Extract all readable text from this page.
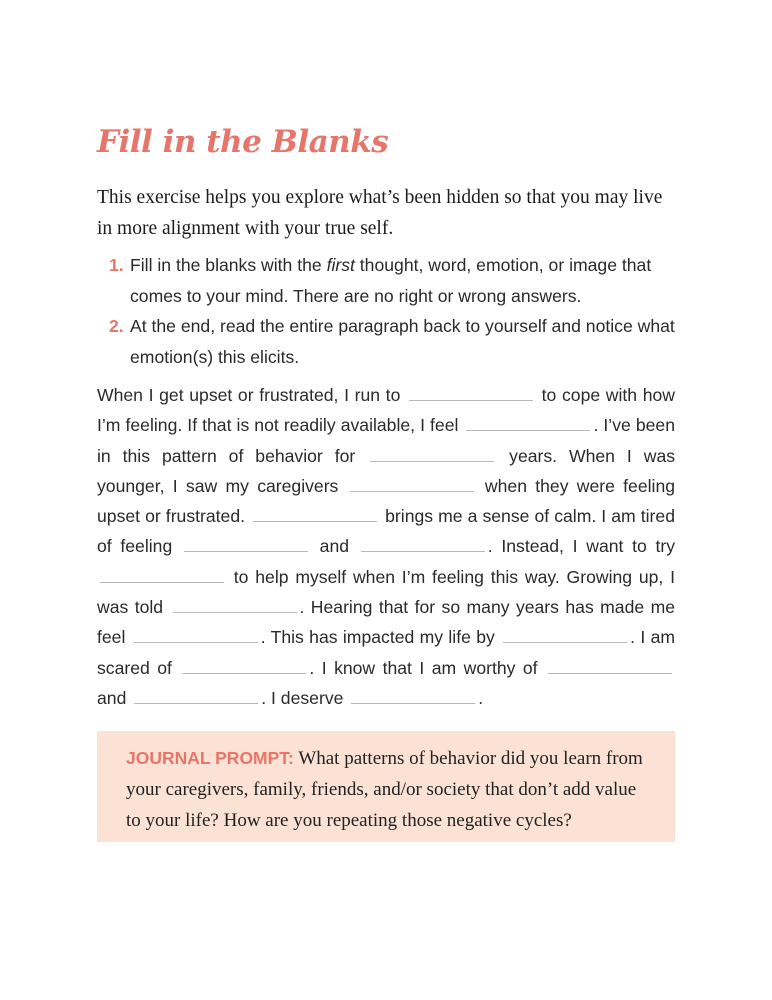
Fill in the Blanks

This exercise helps you explore what’s been hidden so that you may live in more alignment with your true self.

1. Fill in the blanks with the first thought, word, emotion, or image that comes to your mind. There are no right or wrong answers.
2. At the end, read the entire paragraph back to yourself and notice what emotion(s) this elicits.

When I get upset or frustrated, I run to	to cope with how I’m feeling. If that is not readily available, I feel	. I’ve been in this pattern of behavior for	years. When I was younger, I saw my caregivers	when they were feeling upset or frustrated.	brings me a sense of calm. I am tired of feeling	and	. Instead, I want to try  to help myself when I’m feeling this way. Growing up, I was told	. Hearing that for so many years has made me feel	. This has impacted my life by	. I am scared of	. I know that I am worthy of  and	. I deserve	.

JOURNAL PROMPT: What patterns of behavior did you learn from your caregivers, family, friends, and/or society that don’t add value to your life? How are you repeating those negative cycles?
